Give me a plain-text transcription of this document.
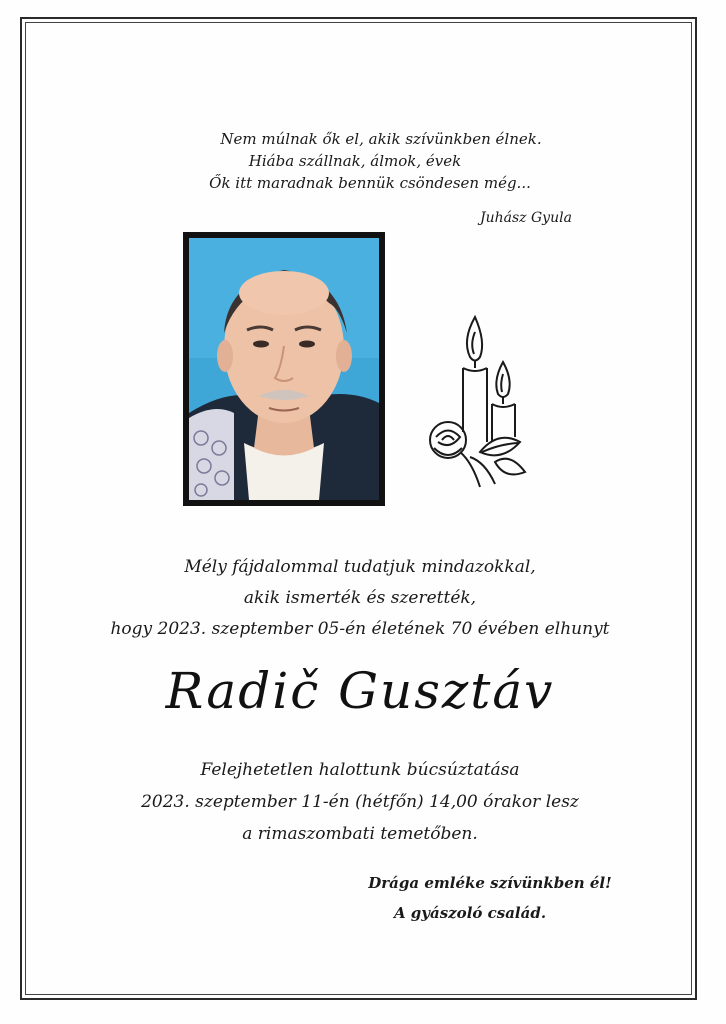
Nem múlnak ők el, akik szívünkben élnek.
Hiába szállnak, álmok, évek
Ők itt maradnak bennük csöndesen még...
Juhász Gyula
Mély fájdalommal tudatjuk mindazokkal,
akik ismerték és szerették,
hogy 2023. szeptember 05-én életének 70 évében elhunyt
Radič Gusztáv
Felejhetetlen halottunk búcsúztatása
2023. szeptember 11-én (hétfőn) 14,00 órakor lesz
a rimaszombati temetőben.
Drága emléke szívünkben él!
A gyászoló család.
